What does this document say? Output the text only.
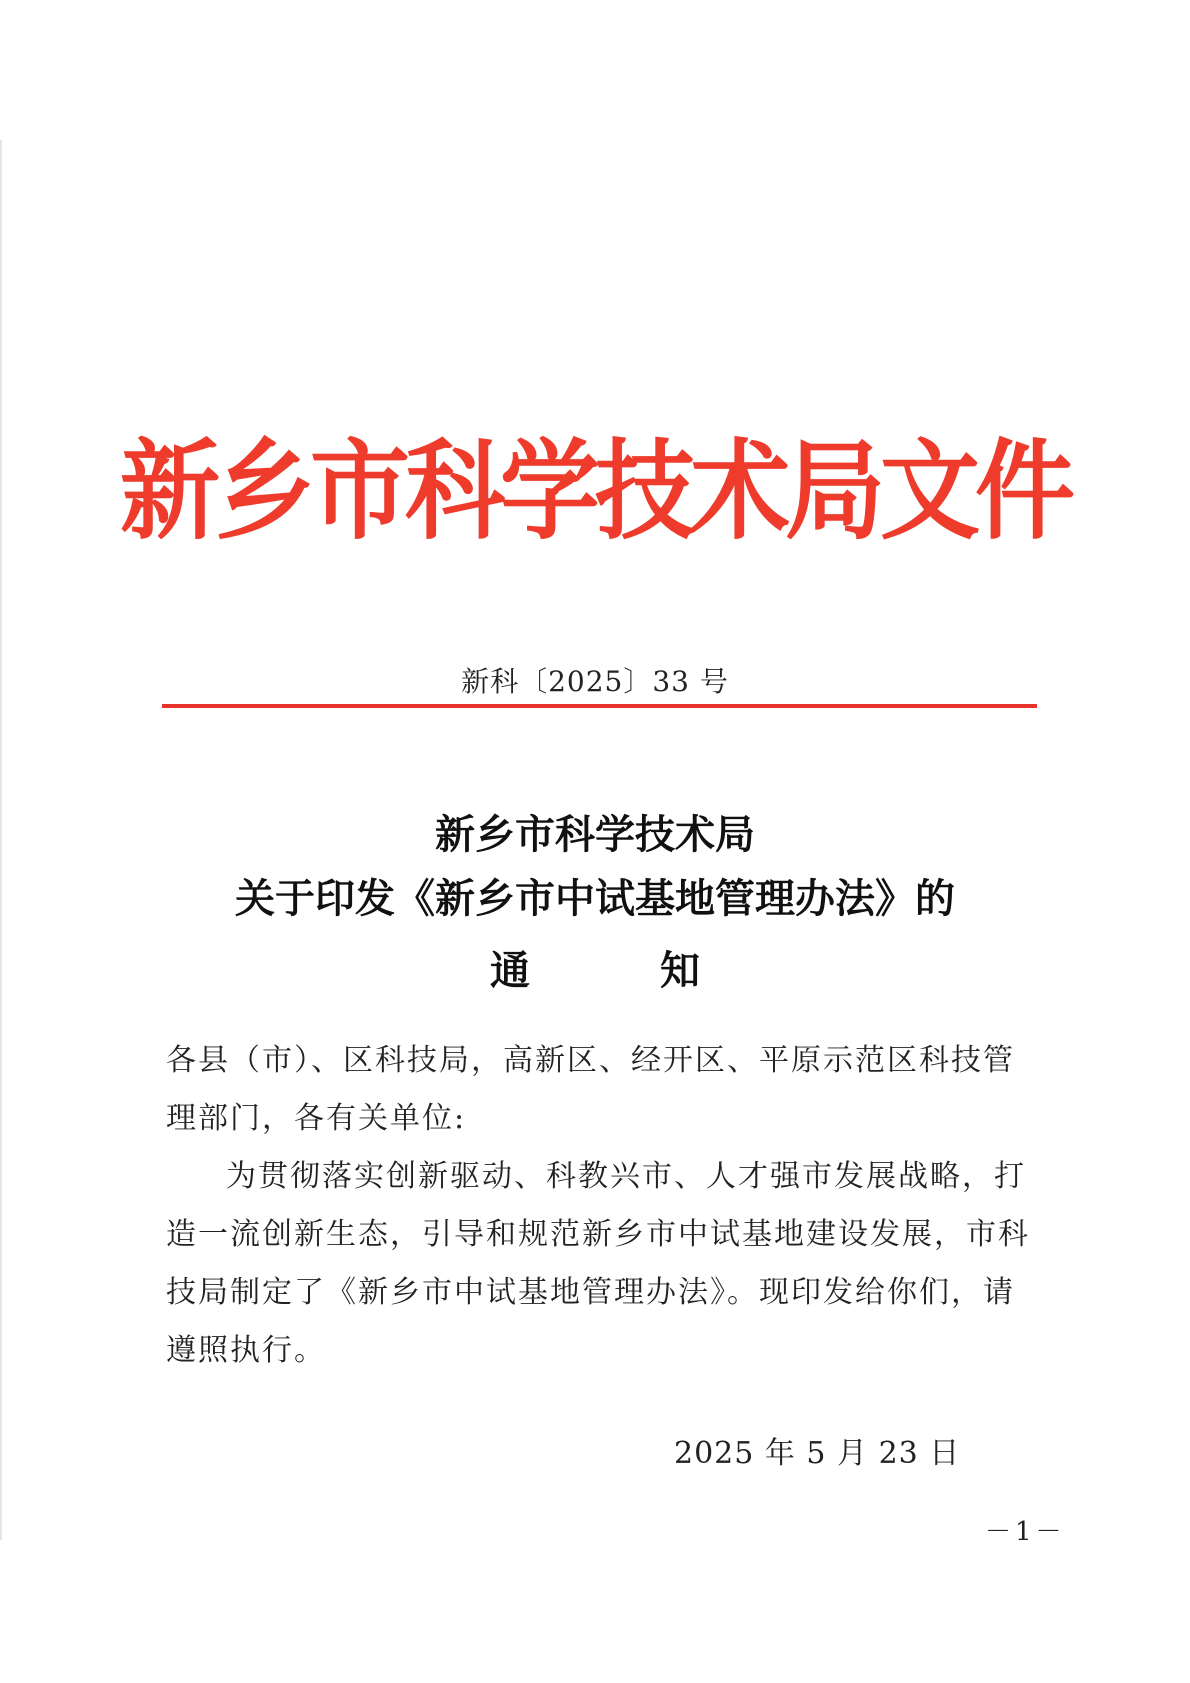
新乡市科学技术局文件
新科〔2025〕33 号
新乡市科学技术局
关于印发《新乡市中试基地管理办法》的
通 知
各县（市）、区科技局，高新区、经开区、平原示范区科技管理部门，各有关单位:
为贯彻落实创新驱动、科教兴市、人才强市发展战略，打造一流创新生态，引导和规范新乡市中试基地建设发展，市科技局制定了《新乡市中试基地管理办法》。现印发给你们，请遵照执行。
2025 年 5 月 23 日
－1－
